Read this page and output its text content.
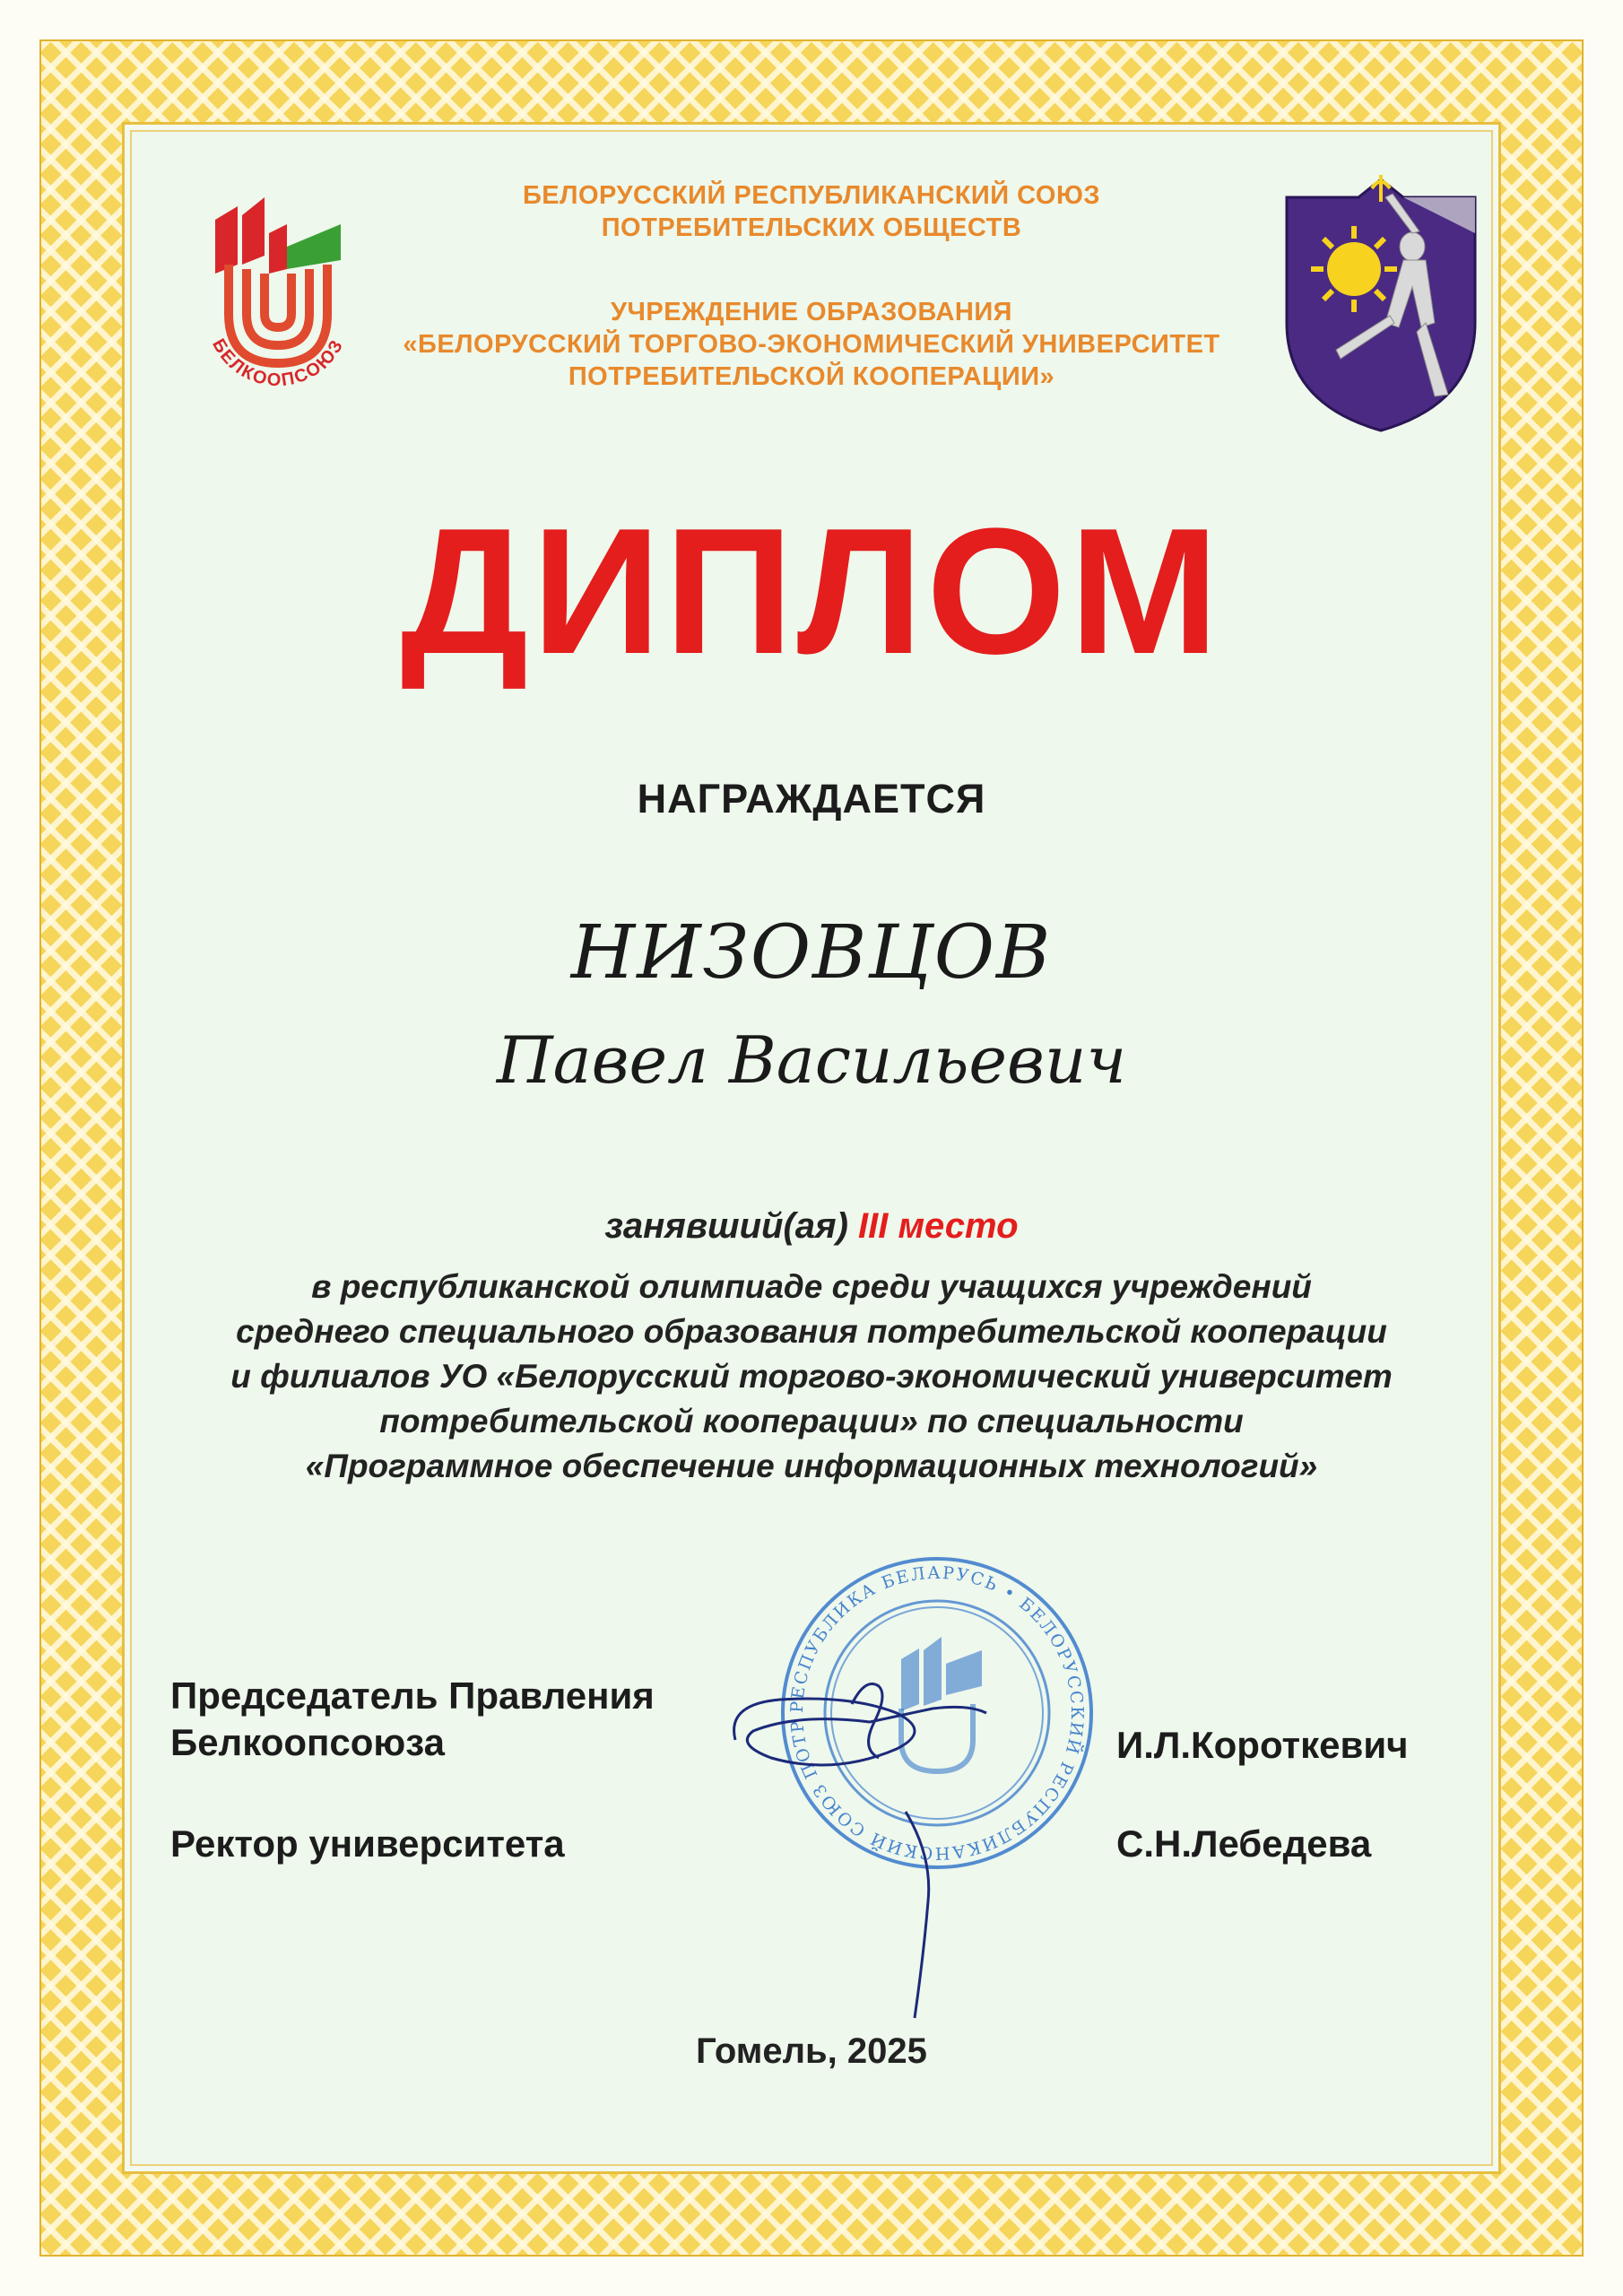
БЕЛКООПСОЮЗ
БЕЛОРУССКИЙ РЕСПУБЛИКАНСКИЙ СОЮЗ
ПОТРЕБИТЕЛЬСКИХ ОБЩЕСТВ
УЧРЕЖДЕНИЕ ОБРАЗОВАНИЯ
«БЕЛОРУССКИЙ ТОРГОВО-ЭКОНОМИЧЕСКИЙ УНИВЕРСИТЕТ
ПОТРЕБИТЕЛЬСКОЙ КООПЕРАЦИИ»
ДИПЛОМ
НАГРАЖДАЕТСЯ
НИЗОВЦОВ
Павел Васильевич
занявший(ая) III место
в республиканской олимпиаде среди учащихся учреждений
среднего специального образования потребительской кооперации
и филиалов УО «Белорусский торгово-экономический университет
потребительской кооперации» по специальности
«Программное обеспечение информационных технологий»
РЕСПУБЛИКА БЕЛАРУСЬ • БЕЛОРУССКИЙ РЕСПУБЛИКАНСКИЙ СОЮЗ ПОТР
Председатель Правления
Белкоопсоюза	И.Л.Короткевич
Ректор университета	С.Н.Лебедева
Гомель, 2025
